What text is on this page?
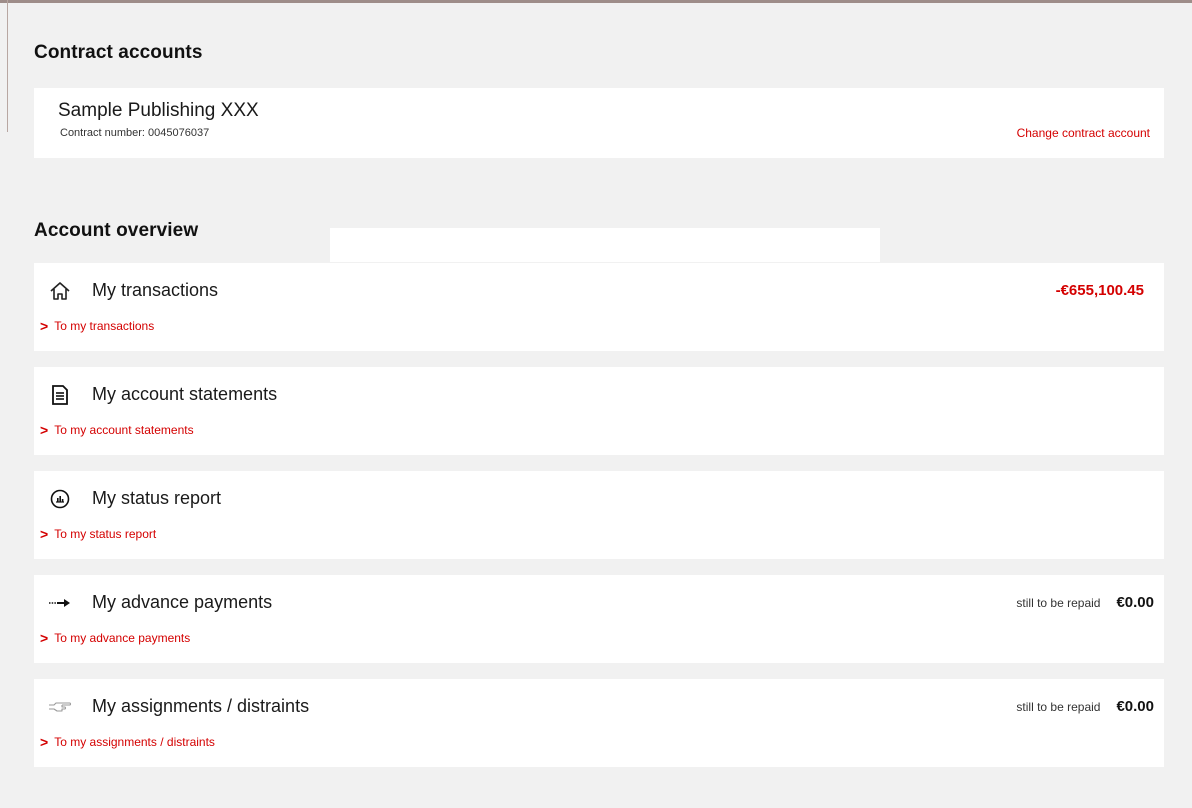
Contract accounts
Sample Publishing XXX
Contract number: 0045076037	Change contract account
Account overview
My transactions	-€655,100.45
> To my transactions
My account statements
> To my account statements
My status report
> To my status report
My advance payments	still to be repaid €0.00
> To my advance payments
My assignments / distraints	still to be repaid €0.00
> To my assignments / distraints
